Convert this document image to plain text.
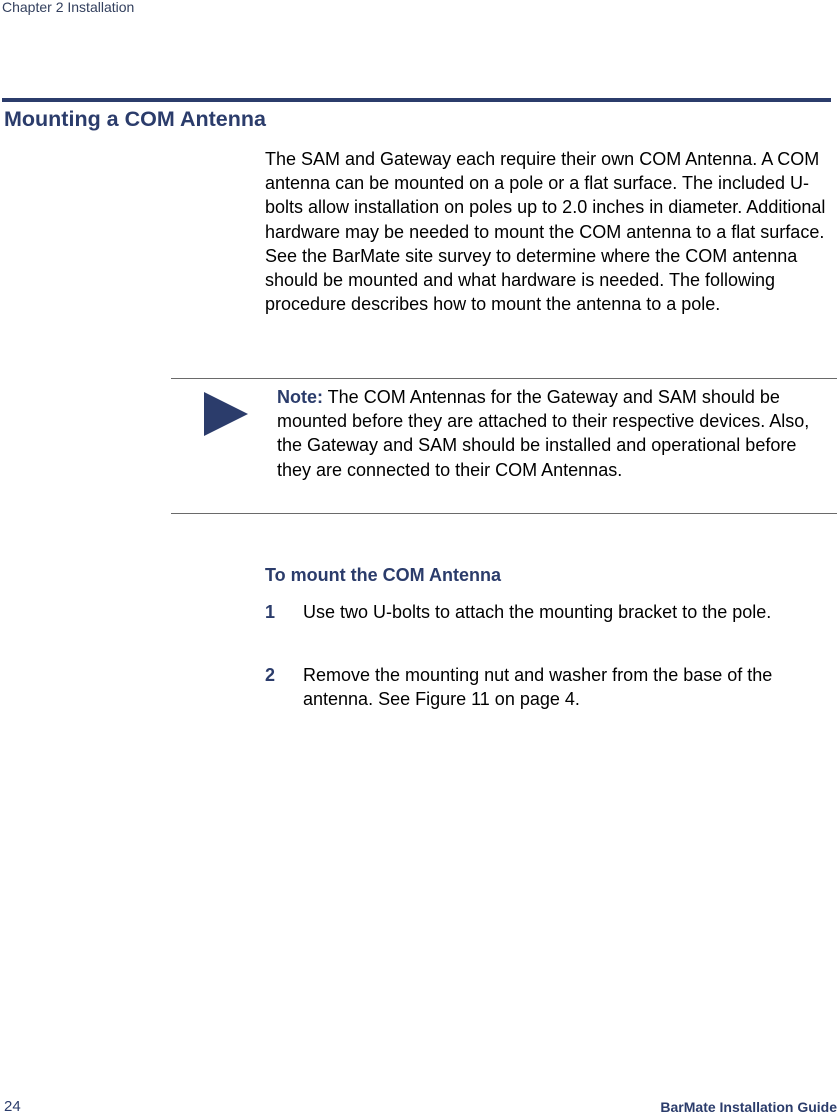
Chapter 2 Installation
Mounting a COM Antenna

The SAM and Gateway each require their own COM Antenna. A COM antenna can be mounted on a pole or a flat surface. The included U-bolts allow installation on poles up to 2.0 inches in diameter. Additional hardware may be needed to mount the COM antenna to a flat surface. See the BarMate site survey to determine where the COM antenna should be mounted and what hardware is needed. The following procedure describes how to mount the antenna to a pole.

Note: The COM Antennas for the Gateway and SAM should be mounted before they are attached to their respective devices. Also, the Gateway and SAM should be installed and operational before they are connected to their COM Antennas.

To mount the COM Antenna
1 Use two U-bolts to attach the mounting bracket to the pole.
2 Remove the mounting nut and washer from the base of the antenna. See Figure 11 on page 4.
24	BarMate Installation Guide
